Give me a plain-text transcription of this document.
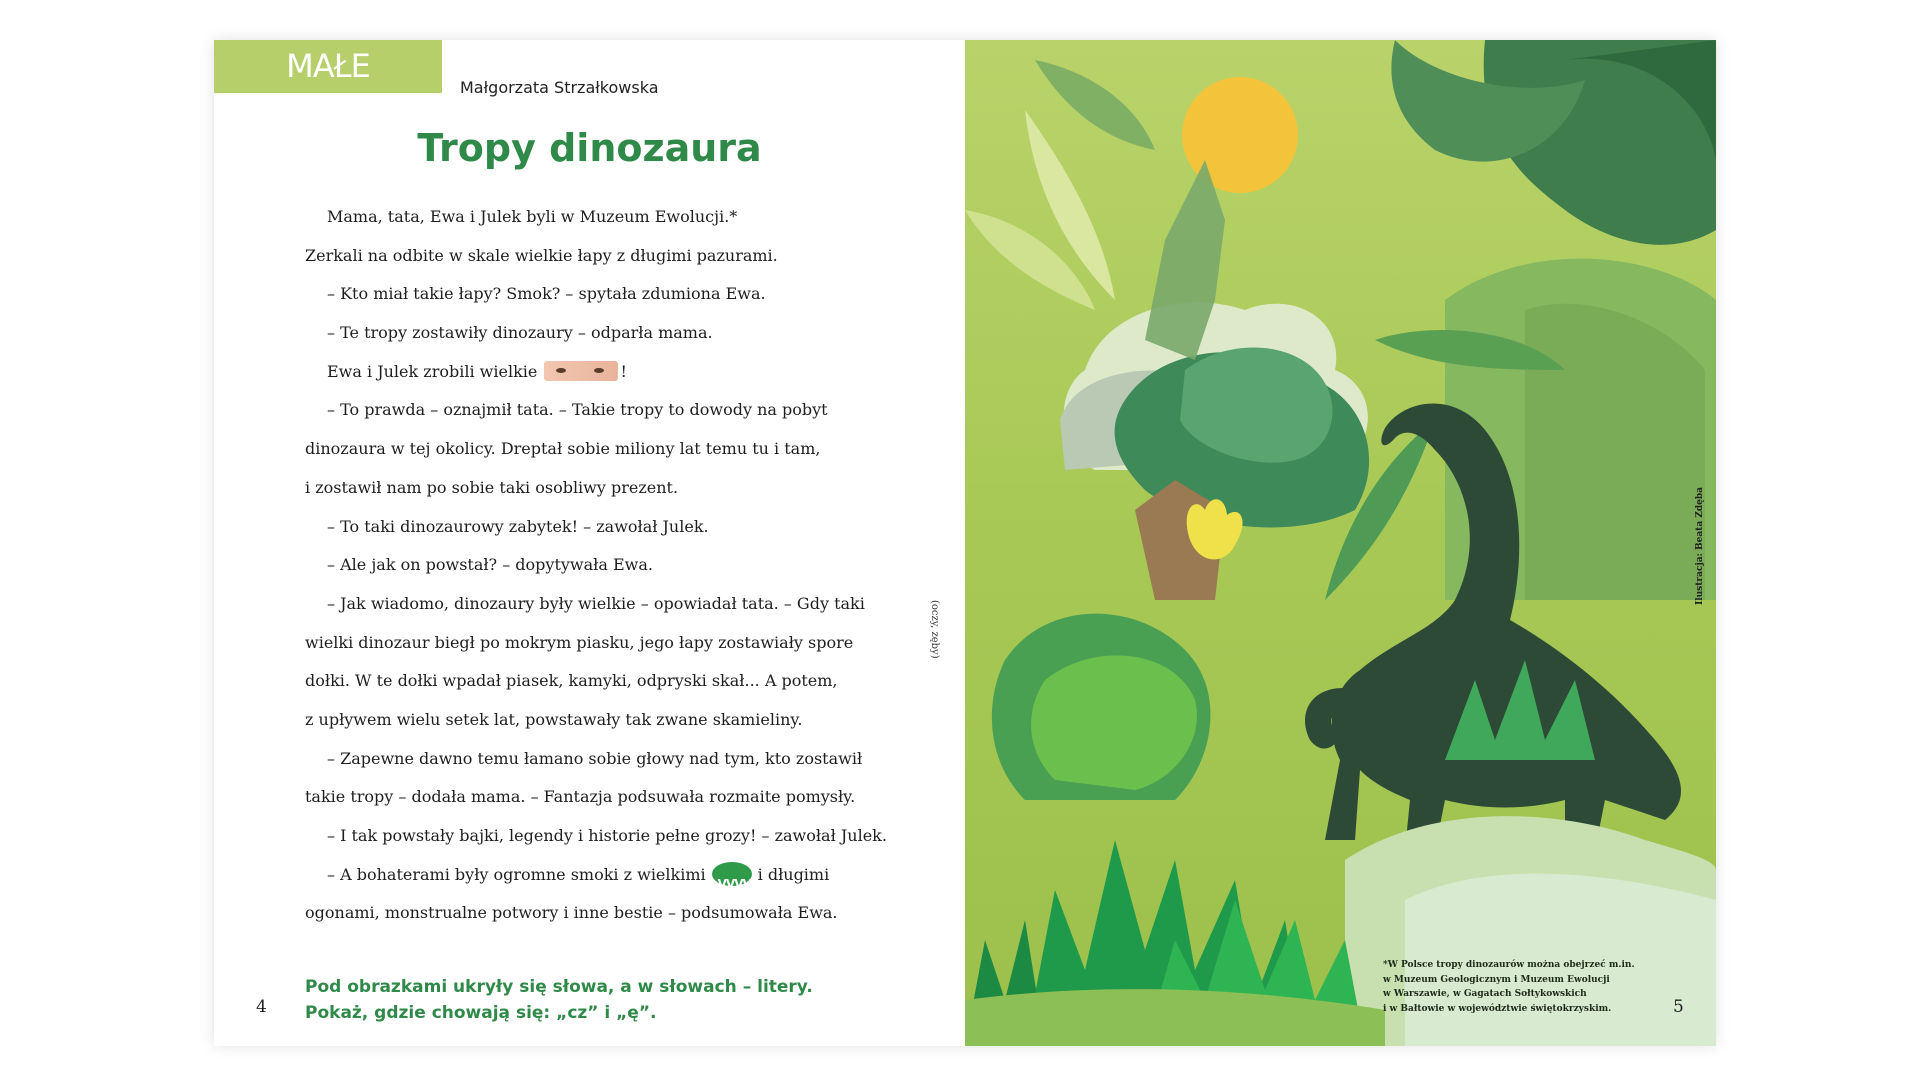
MAŁE CZYTANIE
Małgorzata Strzałkowska
Tropy dinozaura
Mama, tata, Ewa i Julek byli w Muzeum Ewolucji.*
Zerkali na odbite w skale wielkie łapy z długimi pazurami.
– Kto miał takie łapy? Smok? – spytała zdumiona Ewa.
– Te tropy zostawiły dinozaury – odparła mama.
Ewa i Julek zrobili wielkie	!
– To prawda – oznajmił tata. – Takie tropy to dowody na pobyt
dinozaura w tej okolicy. Dreptał sobie miliony lat temu tu i tam,
i zostawił nam po sobie taki osobliwy prezent.
– To taki dinozaurowy zabytek! – zawołał Julek.
– Ale jak on powstał? – dopytywała Ewa.
– Jak wiadomo, dinozaury były wielkie – opowiadał tata. – Gdy taki
wielki dinozaur biegł po mokrym piasku, jego łapy zostawiały spore
dołki. W te dołki wpadał piasek, kamyki, odpryski skał... A potem,
z upływem wielu setek lat, powstawały tak zwane skamieliny.
– Zapewne dawno temu łamano sobie głowy nad tym, kto zostawił
takie tropy – dodała mama. – Fantazja podsuwała rozmaite pomysły.
– I tak powstały bajki, legendy i historie pełne grozy! – zawołał Julek.
– A bohaterami były ogromne smoki z wielkimiVVVV	i długimi
ogonami, monstrualne potwory i inne bestie – podsumowała Ewa.
Pod obrazkami ukryły się słowa, a w słowach – litery.
Pokaż, gdzie chowają się: „cz” i „ę”.
4
(oczy, zęby)
Ilustracja: Beata Zdęba
*W Polsce tropy dinozaurów można obejrzeć m.in.
w Muzeum Geologicznym i Muzeum Ewolucji
w Warszawie, w Gagatach Sołtykowskich
i w Bałtowie w województwie świętokrzyskim.	5
